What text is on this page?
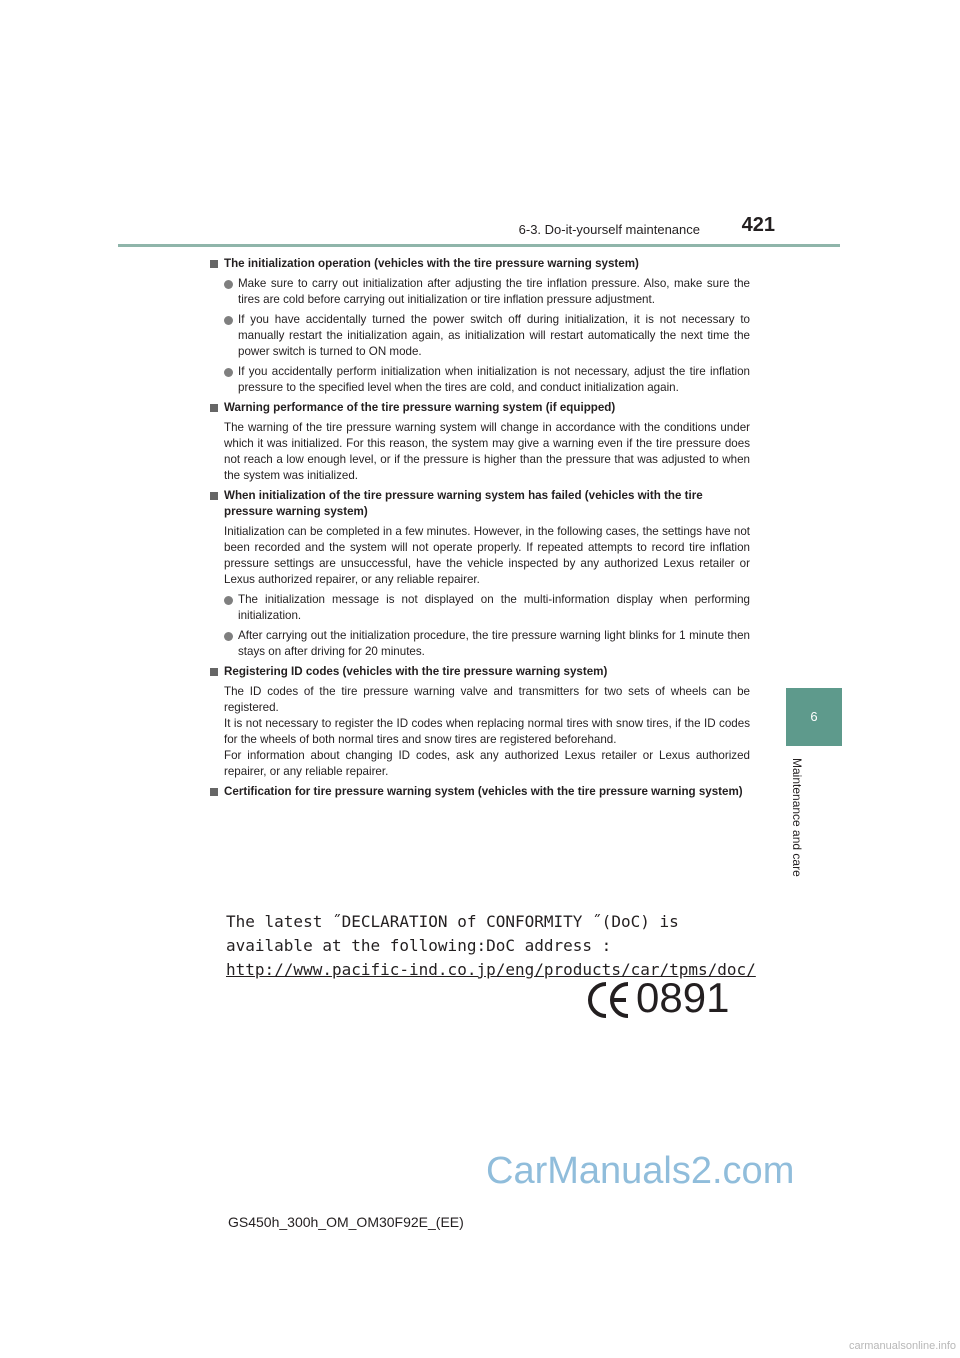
6-3. Do-it-yourself maintenance	421
6
Maintenance and care
The initialization operation (vehicles with the tire pressure warning system)
Make sure to carry out initialization after adjusting the tire inflation pressure. Also, make sure the tires are cold before carrying out initialization or tire inflation pressure adjustment.
If you have accidentally turned the power switch off during initialization, it is not necessary to manually restart the initialization again, as initialization will restart automatically the next time the power switch is turned to ON mode.
If you accidentally perform initialization when initialization is not necessary, adjust the tire inflation pressure to the specified level when the tires are cold, and conduct initialization again.
Warning performance of the tire pressure warning system (if equipped)
The warning of the tire pressure warning system will change in accordance with the conditions under which it was initialized. For this reason, the system may give a warning even if the tire pressure does not reach a low enough level, or if the pressure is higher than the pressure that was adjusted to when the system was initialized.
When initialization of the tire pressure warning system has failed (vehicles with the tire pressure warning system)
Initialization can be completed in a few minutes. However, in the following cases, the settings have not been recorded and the system will not operate properly. If repeated attempts to record tire inflation pressure settings are unsuccessful, have the vehicle inspected by any authorized Lexus retailer or Lexus authorized repairer, or any reliable repairer.
The initialization message is not displayed on the multi-information display when performing initialization.
After carrying out the initialization procedure, the tire pressure warning light blinks for 1 minute then stays on after driving for 20 minutes.
Registering ID codes (vehicles with the tire pressure warning system)
The ID codes of the tire pressure warning valve and transmitters for two sets of wheels can be registered.
It is not necessary to register the ID codes when replacing normal tires with snow tires, if the ID codes for the wheels of both normal tires and snow tires are registered beforehand.
For information about changing ID codes, ask any authorized Lexus retailer or Lexus authorized repairer, or any reliable repairer.
Certification for tire pressure warning system (vehicles with the tire pressure warning system)
The latest ˝DECLARATION of CONFORMITY ˝(DoC) is
available at the following:DoC address :
http://www.pacific-ind.co.jp/eng/products/car/tpms/doc/
0891
CarManuals2.com
GS450h_300h_OM_OM30F92E_(EE)
carmanualsonline.info
